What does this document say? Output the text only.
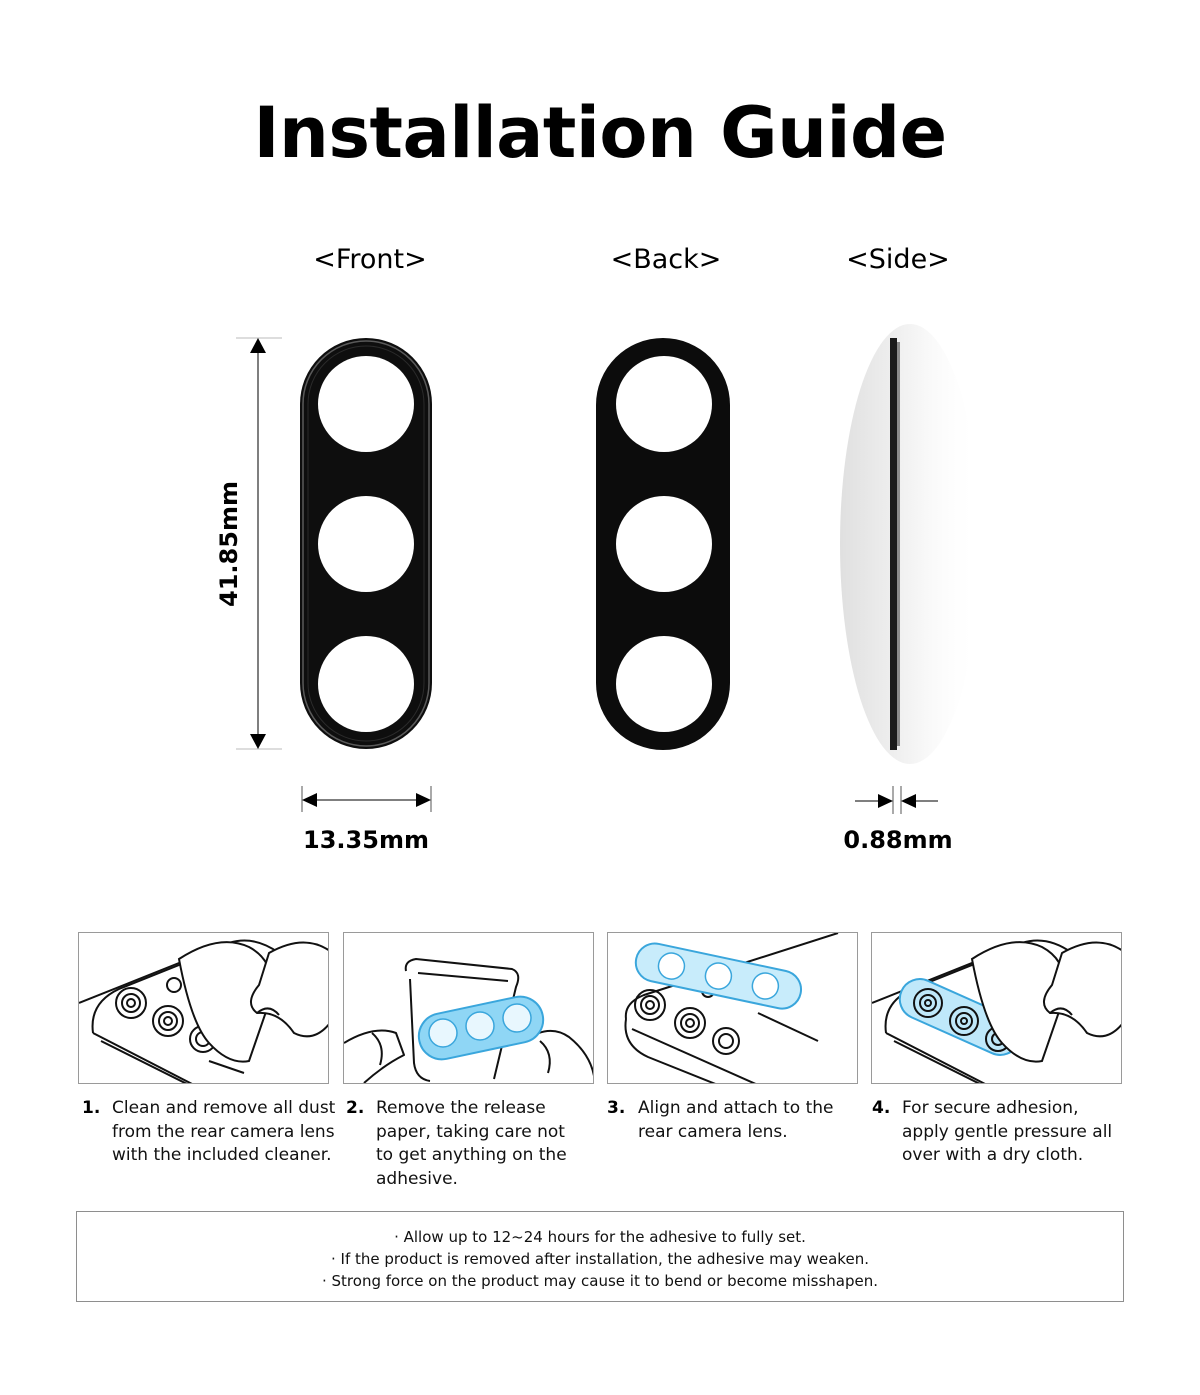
Installation Guide
<Front>	<Back>	<Side>
41.85mm
13.35mm	0.88mm
1. Clean and remove all dust from the rear camera lens with the included cleaner.
2. Remove the release paper, taking care not to get anything on the adhesive.
3. Align and attach to the rear camera lens.
4. For secure adhesion, apply gentle pressure all over with a dry cloth.
· Allow up to 12~24 hours for the adhesive to fully set.
· If the product is removed after installation, the adhesive may weaken.
· Strong force on the product may cause it to bend or become misshapen.
